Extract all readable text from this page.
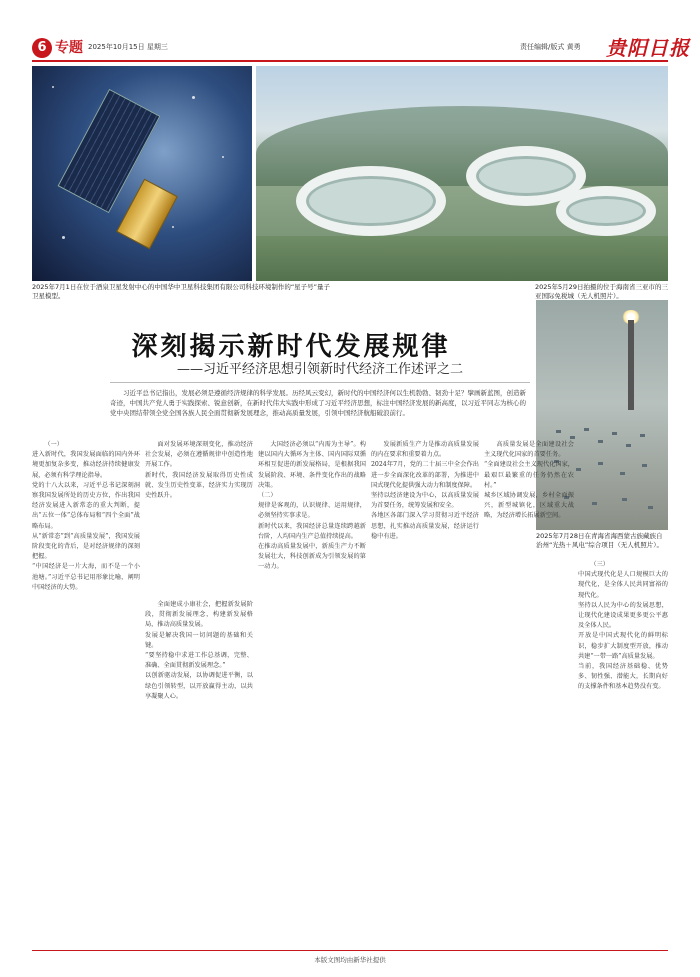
6 专题 2025年10月15日 星期三	责任编辑/版式 黄勇 贵阳日报
2025年7月1日在位于酒泉卫星发射中心的中国华中卫星科技集团有限公司科技环境制作的“星子号”量子卫星模型。
2025年5月29日拍摄的位于海南省三亚市的三亚国际免税城（无人机照片）。
深刻揭示新时代发展规律
——习近平经济思想引领新时代经济工作述评之二
2025年7月28日在青海省海西蒙古族藏族自治州“光热＋风电”综合项目（无人机照片）。
习近平总书记指出，发展必须是遵循经济规律的科学发展。历经风云变幻，新时代的中国经济何以生机勃勃、韧劲十足？擘画新蓝图，创造新奇迹，中国共产党人勇于实践探索、锐意创新，在新时代伟大实践中形成了习近平经济思想，标注中国经济发展的新高度，以习近平同志为核心的党中央团结带领全党全国各族人民全面贯彻新发展理念，推动高质量发展，引领中国经济航船破浪前行。

（一）
进入新时代，我国发展面临的国内外环境更加复杂多变，推动经济持续健康发展，必须有科学理论指导。
党的十八大以来，习近平总书记深刻洞察我国发展所处的历史方位，作出我国经济发展进入新常态的重大判断，提出“五位一体”总体布局和“四个全面”战略布局。
从“新常态”到“高质量发展”，我国发展阶段变化的背后，是对经济规律的深刻把握。
“中国经济是一片大海，而不是一个小池塘。”习近平总书记用形象比喻，阐明中国经济的大势。

面对发展环境深刻变化，推动经济社会发展，必须在遵循规律中创造性地开展工作。
新时代，我国经济发展取得历史性成就、发生历史性变革，经济实力实现历史性跃升。

全面建成小康社会，把握新发展阶段，贯彻新发展理念，构建新发展格局，推动高质量发展。
发展是解决我国一切问题的基础和关键。
“要坚持稳中求进工作总基调，完整、准确、全面贯彻新发展理念。”
以创新驱动发展，以协调促进平衡，以绿色引领转型，以开放赢得主动，以共享凝聚人心。

大国经济必须以“内需为主导”。构建以国内大循环为主体、国内国际双循环相互促进的新发展格局，是根据我国发展阶段、环境、条件变化作出的战略决策。
（二）
规律是客观的，认识规律、运用规律，必须坚持实事求是。
新时代以来，我国经济总量连续跨越新台阶，人均国内生产总值持续提高。
在推动高质量发展中，新质生产力不断发展壮大，科技创新成为引领发展的第一动力。

发展新质生产力是推动高质量发展的内在要求和重要着力点。
2024年7月，党的二十届三中全会作出进一步全面深化改革的部署，为推进中国式现代化提供强大动力和制度保障。
坚持以经济建设为中心，以高质量发展为首要任务，统筹发展和安全。
各地区各部门深入学习贯彻习近平经济思想，扎实推动高质量发展，经济运行稳中有进。

高质量发展是全面建设社会主义现代化国家的首要任务。
“全面建设社会主义现代化国家，最艰巨最繁重的任务仍然在农村。”
城乡区域协调发展，乡村全面振兴，新型城镇化，区域重大战略，为经济增长拓展新空间。

（三）
中国式现代化是人口规模巨大的现代化，是全体人民共同富裕的现代化。
坚持以人民为中心的发展思想，让现代化建设成果更多更公平惠及全体人民。
开放是中国式现代化的鲜明标识，稳步扩大制度型开放，推动共建“一带一路”高质量发展。
当前，我国经济基础稳、优势多、韧性强、潜能大，长期向好的支撑条件和基本趋势没有变。

本版文图均由新华社提供
